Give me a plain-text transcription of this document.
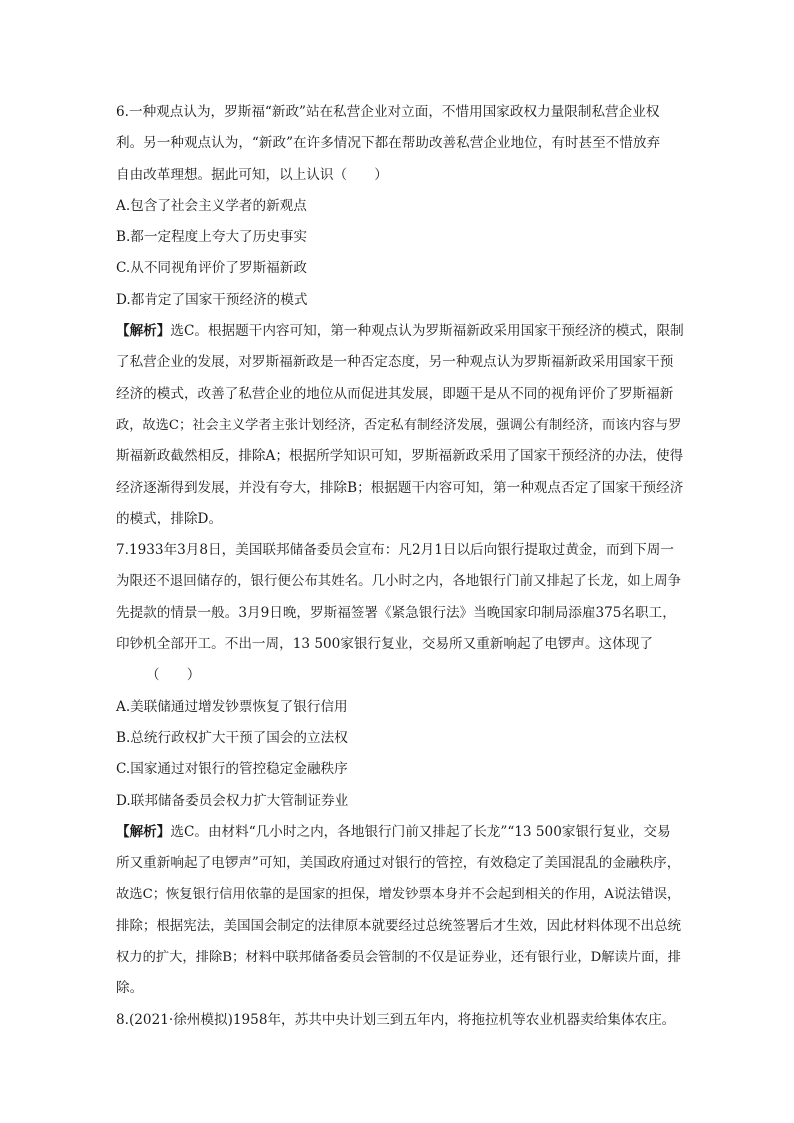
6.一种观点认为，罗斯福“新政”站在私营企业对立面，不惜用国家政权力量限制私营企业权
利。另一种观点认为，“新政”在许多情况下都在帮助改善私营企业地位，有时甚至不惜放弃
自由改革理想。据此可知，以上认识（　　）
A.包含了社会主义学者的新观点
B.都一定程度上夸大了历史事实
C.从不同视角评价了罗斯福新政
D.都肯定了国家干预经济的模式
【解析】选C。根据题干内容可知，第一种观点认为罗斯福新政采用国家干预经济的模式，限制
了私营企业的发展，对罗斯福新政是一种否定态度，另一种观点认为罗斯福新政采用国家干预
经济的模式，改善了私营企业的地位从而促进其发展，即题干是从不同的视角评价了罗斯福新
政，故选C；社会主义学者主张计划经济，否定私有制经济发展，强调公有制经济，而该内容与罗
斯福新政截然相反，排除A；根据所学知识可知，罗斯福新政采用了国家干预经济的办法，使得
经济逐渐得到发展，并没有夸大，排除B；根据题干内容可知，第一种观点否定了国家干预经济
的模式，排除D。
7.1933年3月8日，美国联邦储备委员会宣布：凡2月1日以后向银行提取过黄金，而到下周一
为限还不退回储存的，银行便公布其姓名。几小时之内，各地银行门前又排起了长龙，如上周争
先提款的情景一般。3月9日晚，罗斯福签署《紧急银行法》当晚国家印制局添雇375名职工，
印钞机全部开工。不出一周，13 500家银行复业，交易所又重新响起了电锣声。这体现了
（　　）
A.美联储通过增发钞票恢复了银行信用
B.总统行政权扩大干预了国会的立法权
C.国家通过对银行的管控稳定金融秩序
D.联邦储备委员会权力扩大管制证券业
【解析】选C。由材料“几小时之内，各地银行门前又排起了长龙”“13 500家银行复业，交易
所又重新响起了电锣声”可知，美国政府通过对银行的管控，有效稳定了美国混乱的金融秩序，
故选C；恢复银行信用依靠的是国家的担保，增发钞票本身并不会起到相关的作用，A说法错误，
排除；根据宪法，美国国会制定的法律原本就要经过总统签署后才生效，因此材料体现不出总统
权力的扩大，排除B；材料中联邦储备委员会管制的不仅是证券业，还有银行业，D解读片面，排
除。
8.(2021·徐州模拟)1958年，苏共中央计划三到五年内，将拖拉机等农业机器卖给集体农庄。
